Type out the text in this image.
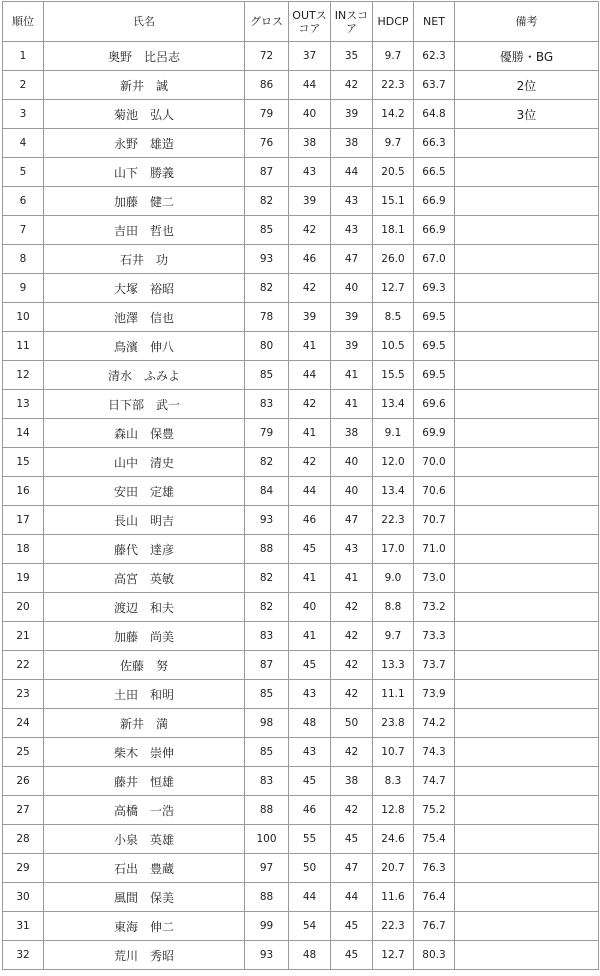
順位	氏名	グロス	OUTスコア	INスコア	HDCP	NET	備考
1	奥野　比呂志	72	37	35	9.7	62.3	優勝・BG
2	新井　誠	86	44	42	22.3	63.7	2位
3	菊池　弘人	79	40	39	14.2	64.8	3位
4	永野　雄造	76	38	38	9.7	66.3	
5	山下　勝義	87	43	44	20.5	66.5	
6	加藤　健二	82	39	43	15.1	66.9	
7	吉田　哲也	85	42	43	18.1	66.9	
8	石井　功	93	46	47	26.0	67.0	
9	大塚　裕昭	82	42	40	12.7	69.3	
10	池澤　信也	78	39	39	8.5	69.5	
11	鳥濱　伸八	80	41	39	10.5	69.5	
12	清水　ふみよ	85	44	41	15.5	69.5	
13	日下部　武一	83	42	41	13.4	69.6	
14	森山　保豊	79	41	38	9.1	69.9	
15	山中　清史	82	42	40	12.0	70.0	
16	安田　定雄	84	44	40	13.4	70.6	
17	長山　明吉	93	46	47	22.3	70.7	
18	藤代　達彦	88	45	43	17.0	71.0	
19	高宮　英敏	82	41	41	9.0	73.0	
20	渡辺　和夫	82	40	42	8.8	73.2	
21	加藤　尚美	83	41	42	9.7	73.3	
22	佐藤　努	87	45	42	13.3	73.7	
23	土田　和明	85	43	42	11.1	73.9	
24	新井　満	98	48	50	23.8	74.2	
25	柴木　崇伸	85	43	42	10.7	74.3	
26	藤井　恒雄	83	45	38	8.3	74.7	
27	高橋　一浩	88	46	42	12.8	75.2	
28	小泉　英雄	100	55	45	24.6	75.4	
29	石出　豊蔵	97	50	47	20.7	76.3	
30	風間　保美	88	44	44	11.6	76.4	
31	東海　伸二	99	54	45	22.3	76.7	
32	荒川　秀昭	93	48	45	12.7	80.3	
